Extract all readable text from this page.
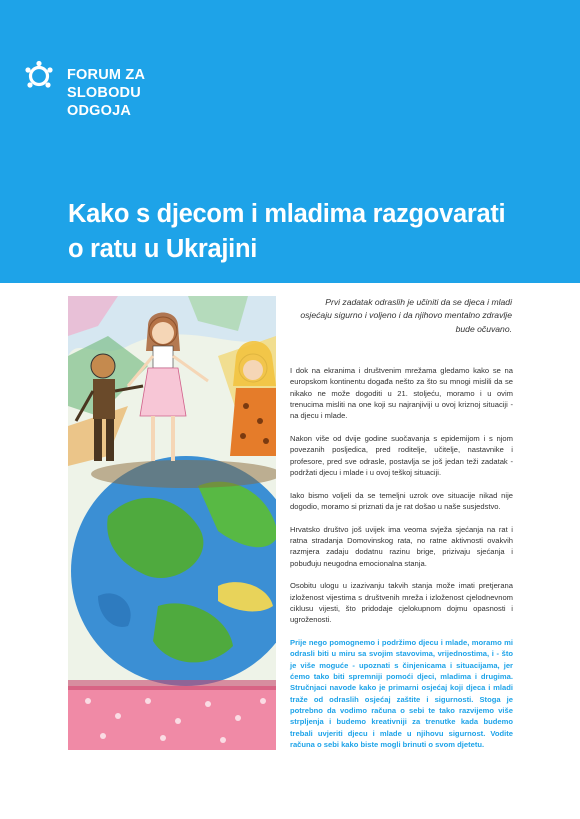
FORUM ZA
SLOBODU
ODGOJA
Kako s djecom i mladima razgovarati
o ratu u Ukrajini
Prvi zadatak odraslih je učiniti da se djeca i mladi osjećaju sigurno i voljeno i da njihovo mentalno zdravlje bude očuvano.

I dok na ekranima i društvenim mrežama gledamo kako se na europskom kontinentu događa nešto za što su mnogi mislili da se nikako ne može dogoditi u 21. stoljeću, moramo i u ovim trenucima misliti na one koji su najranjiviji u ovoj kriznoj situaciji - na djecu i mlade.

Nakon više od dvije godine suočavanja s epidemijom i s njom povezanih posljedica, pred roditelje, učitelje, nastavnike i profesore, pred sve odrasle, postavlja se još jedan teži zadatak - podržati djecu i mlade i u ovoj teškoj situaciji.

Iako bismo voljeli da se temeljni uzrok ove situacije nikad nije dogodio, moramo si priznati da je rat došao u naše susjedstvo.

Hrvatsko društvo još uvijek ima veoma svježa sjećanja na rat i ratna stradanja Domovinskog rata, no ratne aktivnosti ovakvih razmjera zadaju dodatnu razinu brige, prizivaju sjećanja i pobuđuju neugodna emocionalna stanja.

Osobitu ulogu u izazivanju takvih stanja može imati pretjerana izloženost vijestima s društvenih mreža i izloženost cjelodnevnom ciklusu vijesti, što pridodaje cjelokupnom dojmu opasnosti i ugroženosti.

Prije nego pomognemo i podržimo djecu i mlade, moramo mi odrasli biti u miru sa svojim stavovima, vrijednostima, i - što je više moguće - upoznati s činjenicama i situacijama, jer ćemo tako biti spremniji pomoći djeci, mladima i drugima. Stručnjaci navode kako je primarni osjećaj koji djeca i mladi traže od odraslih osjećaj zaštite i sigurnosti. Stoga je potrebno da vodimo računa o sebi te tako razvijemo više strpljenja i budemo kreativniji za trenutke kada budemo trebali uvjeriti djecu i mlade u njihovu sigurnost. Vodite računa o sebi kako biste mogli brinuti o svom djetetu.
